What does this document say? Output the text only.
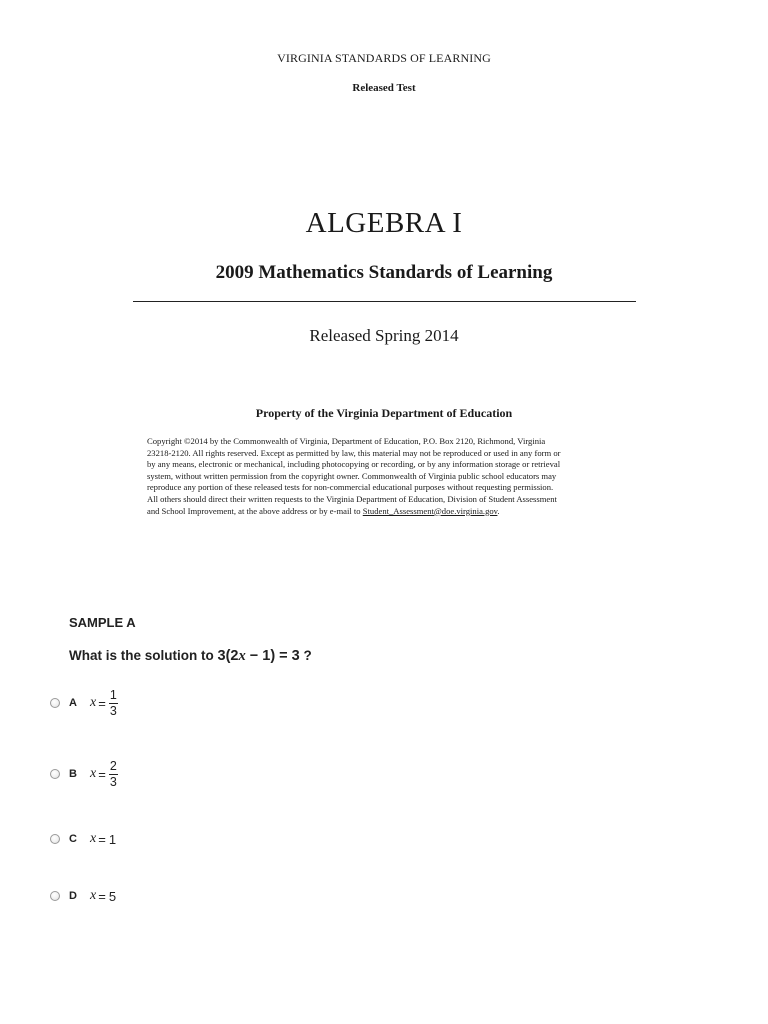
VIRGINIA STANDARDS OF LEARNING
Released Test
ALGEBRA I
2009 Mathematics Standards of Learning
Released Spring 2014
Property of the Virginia Department of Education
Copyright ©2014 by the Commonwealth of Virginia, Department of Education, P.O. Box 2120, Richmond, Virginia
23218-2120. All rights reserved. Except as permitted by law, this material may not be reproduced or used in any form or
by any means, electronic or mechanical, including photocopying or recording, or by any information storage or retrieval
system, without written permission from the copyright owner. Commonwealth of Virginia public school educators may
reproduce any portion of these released tests for non-commercial educational purposes without requesting permission.
All others should direct their written requests to the Virginia Department of Education, Division of Student Assessment
and School Improvement, at the above address or by e-mail to Student_Assessment@doe.virginia.gov.
SAMPLE A
What is the solution to 3(2x − 1) = 3 ?
A $x = \frac{1}{3}$
B $x = \frac{2}{3}$
C x = 1
D x = 5
